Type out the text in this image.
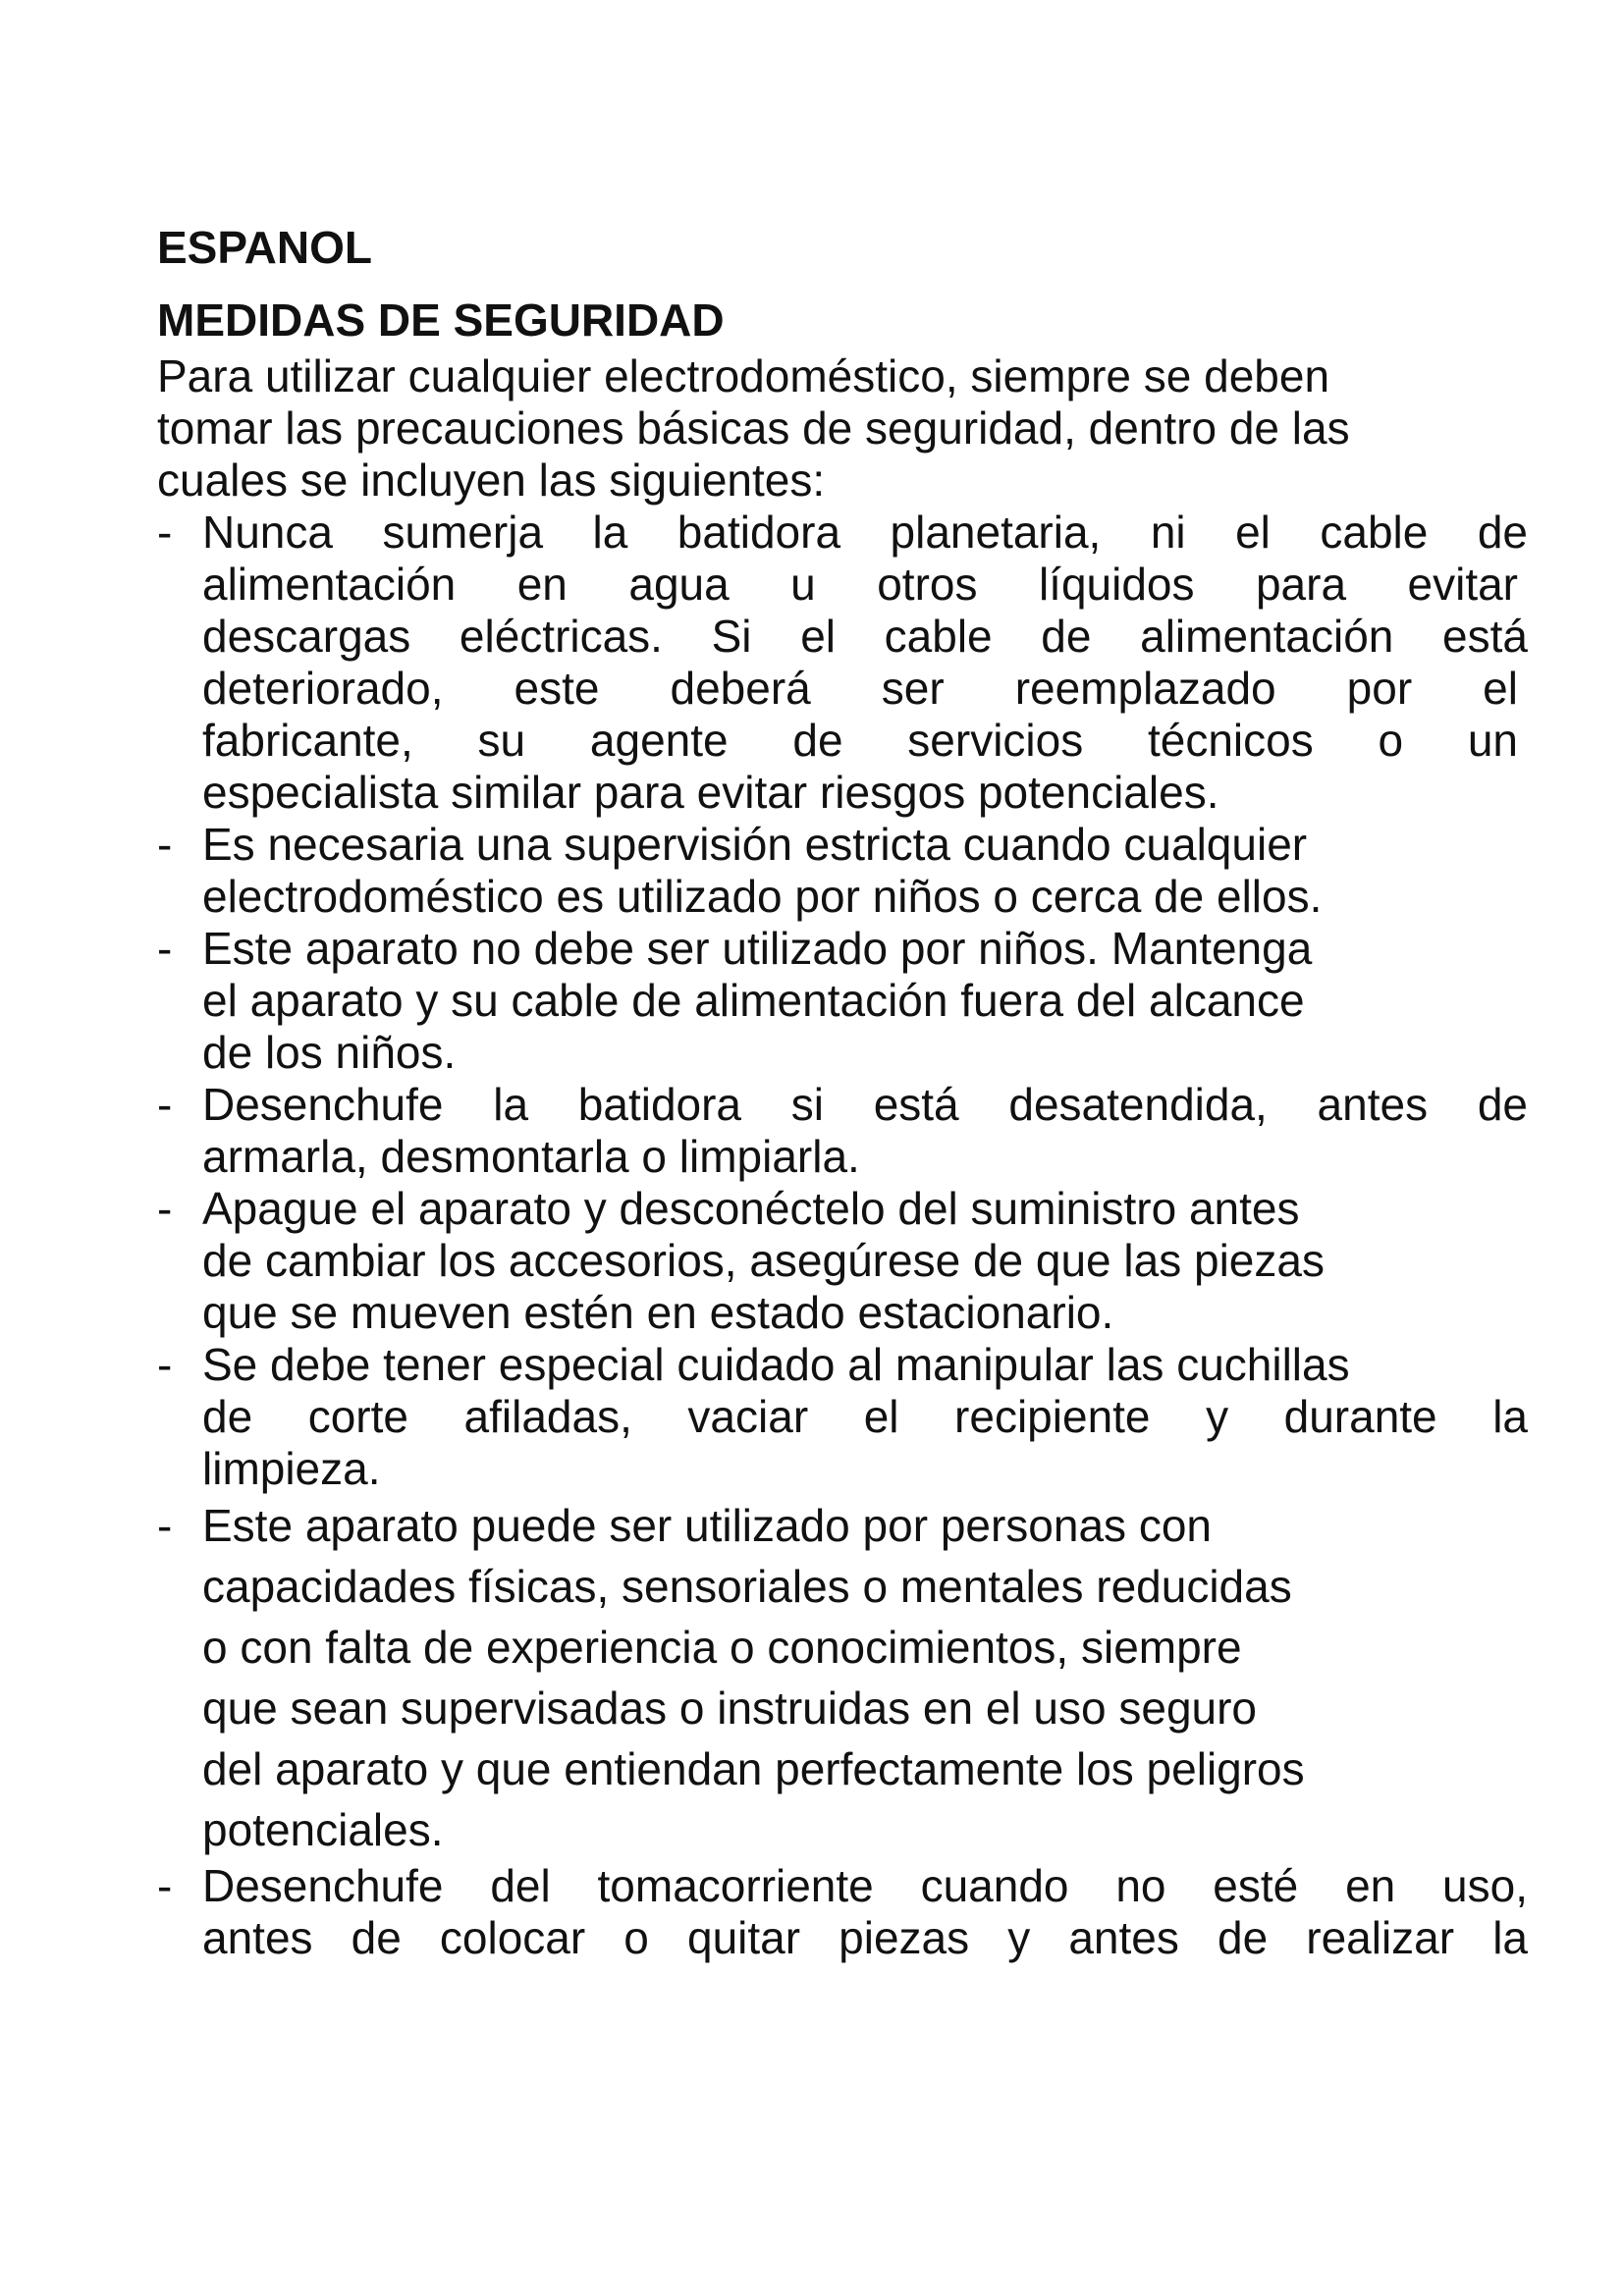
ESPANOL
MEDIDAS DE SEGURIDAD

Para utilizar cualquier electrodoméstico, siempre se deben
tomar las precauciones básicas de seguridad, dentro de las
cuales se incluyen las siguientes:

- Nunca sumerja la batidora planetaria, ni el cable de
alimentación en agua u otros líquidos para evitar
descargas eléctricas. Si el cable de alimentación está
deteriorado, este deberá ser reemplazado por el
fabricante, su agente de servicios técnicos o un
especialista similar para evitar riesgos potenciales.
- Es necesaria una supervisión estricta cuando cualquier
electrodoméstico es utilizado por niños o cerca de ellos.
- Este aparato no debe ser utilizado por niños. Mantenga
el aparato y su cable de alimentación fuera del alcance
de los niños.
- Desenchufe la batidora si está desatendida, antes de
armarla, desmontarla o limpiarla.
- Apague el aparato y desconéctelo del suministro antes
de cambiar los accesorios, asegúrese de que las piezas
que se mueven estén en estado estacionario.
- Se debe tener especial cuidado al manipular las cuchillas
de corte afiladas, vaciar el recipiente y durante la
limpieza.
- Este aparato puede ser utilizado por personas con
capacidades físicas, sensoriales o mentales reducidas
o con falta de experiencia o conocimientos, siempre
que sean supervisadas o instruidas en el uso seguro
del aparato y que entiendan perfectamente los peligros
potenciales.
- Desenchufe del tomacorriente cuando no esté en uso,
antes de colocar o quitar piezas y antes de realizar la
